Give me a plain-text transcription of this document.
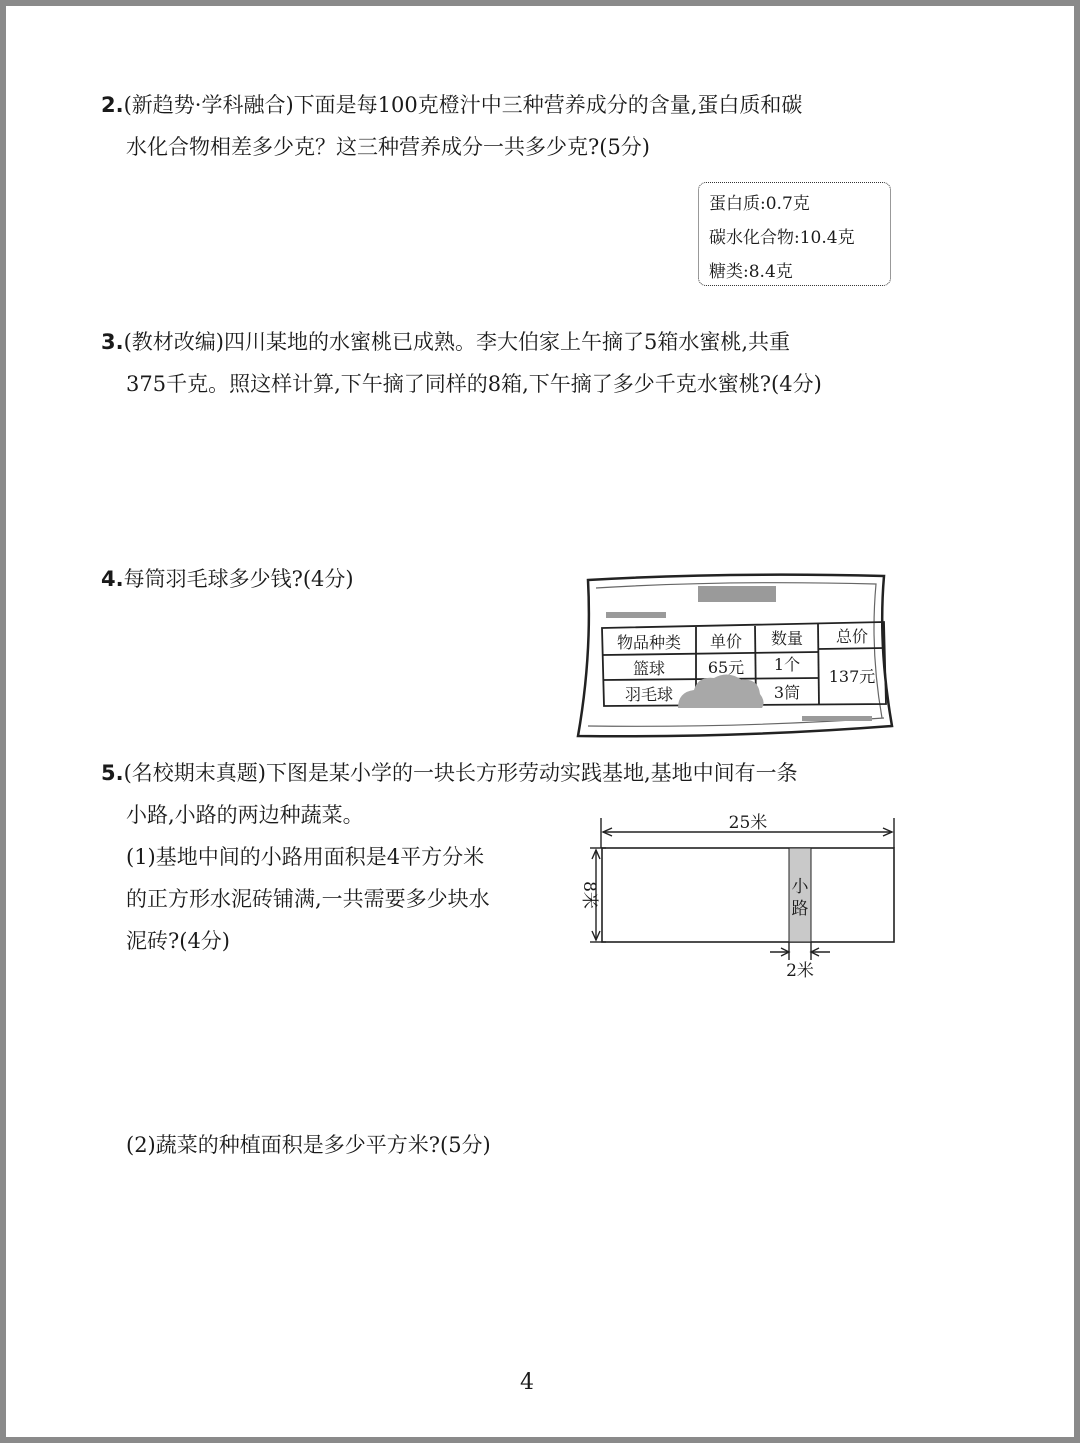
2.(新趋势·学科融合)下面是每100克橙汁中三种营养成分的含量,蛋白质和碳
水化合物相差多少克？这三种营养成分一共多少克?(5分)
蛋白质:0.7克
碳水化合物:10.4克
糖类:8.4克
3.(教材改编)四川某地的水蜜桃已成熟。李大伯家上午摘了5箱水蜜桃,共重
375千克。照这样计算,下午摘了同样的8箱,下午摘了多少千克水蜜桃?(4分)
4.每筒羽毛球多少钱?(4分)
物品种类 单价 数量 总价
篮球	65元 1个
羽毛球	3筒
137元
5.(名校期末真题)下图是某小学的一块长方形劳动实践基地,基地中间有一条
小路,小路的两边种蔬菜。
(1)基地中间的小路用面积是4平方分米
的正方形水泥砖铺满,一共需要多少块水
泥砖?(4分)
25米
小
路
2米
8米
(2)蔬菜的种植面积是多少平方米?(5分)
4
